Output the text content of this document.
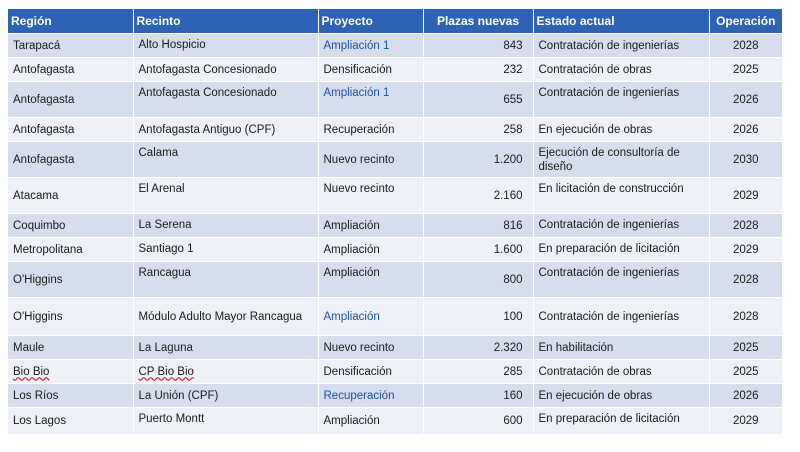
Región	Recinto	Proyecto	Plazas nuevas	Estado actual	Operación
Tarapacá	Alto Hospicio	Ampliación 1	843	Contratación de ingenierías	2028
Antofagasta	Antofagasta Concesionado	Densificación	232	Contratación de obras	2025
Antofagasta	Antofagasta Concesionado	Ampliación 1	655	Contratación de ingenierías	2026
Antofagasta	Antofagasta Antiguo (CPF)	Recuperación	258	En ejecución de obras	2026
Antofagasta	Calama	Nuevo recinto	1.200	Ejecución de consultoría de diseño	2030
Atacama	El Arenal	Nuevo recinto	2.160	En licitación de construcción	2029
Coquimbo	La Serena	Ampliación	816	Contratación de ingenierías	2028
Metropolitana	Santiago 1	Ampliación	1.600	En preparación de licitación	2029
O'Higgins	Rancagua	Ampliación	800	Contratación de ingenierías	2028
O'Higgins	Módulo Adulto Mayor Rancagua	Ampliación	100	Contratación de ingenierías	2028
Maule	La Laguna	Nuevo recinto	2.320	En habilitación	2025
Bio Bio	CP Bio Bio	Densificación	285	Contratación de obras	2025
Los Ríos	La Unión (CPF)	Recuperación	160	En ejecución de obras	2026
Los Lagos	Puerto Montt	Ampliación	600	En preparación de licitación	2029
